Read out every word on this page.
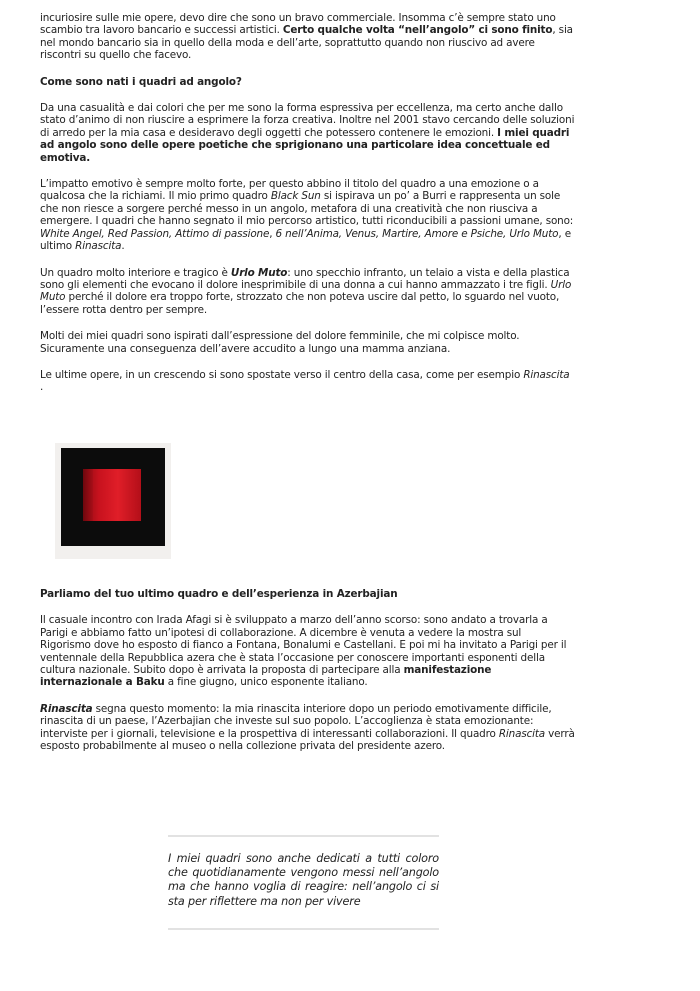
incuriosire sulle mie opere, devo dire che sono un bravo commerciale. Insomma c’è sempre stato uno scambio tra lavoro bancario e successi artistici. Certo qualche volta “nell’angolo” ci sono finito, sia nel mondo bancario sia in quello della moda e dell’arte, soprattutto quando non riuscivo ad avere riscontri su quello che facevo.

Come sono nati i quadri ad angolo?

Da una casualità e dai colori che per me sono la forma espressiva per eccellenza, ma certo anche dallo stato d’animo di non riuscire a esprimere la forza creativa. Inoltre nel 2001 stavo cercando delle soluzioni di arredo per la mia casa e desideravo degli oggetti che potessero contenere le emozioni. I miei quadri ad angolo sono delle opere poetiche che sprigionano una particolare idea concettuale ed emotiva.

L’impatto emotivo è sempre molto forte, per questo abbino il titolo del quadro a una emozione o a qualcosa che la richiami. Il mio primo quadro Black Sun si ispirava un po’ a Burri e rappresenta un sole che non riesce a sorgere perché messo in un angolo, metafora di una creatività che non riusciva a emergere. I quadri che hanno segnato il mio percorso artistico, tutti riconducibili a passioni umane, sono: White Angel, Red Passion, Attimo di passione, 6 nell’Anima, Venus, Martire, Amore e Psiche, Urlo Muto, e ultimo Rinascita.

Un quadro molto interiore e tragico è Urlo Muto: uno specchio infranto, un telaio a vista e della plastica sono gli elementi che evocano il dolore inesprimibile di una donna a cui hanno ammazzato i tre figli. Urlo Muto perché il dolore era troppo forte, strozzato che non poteva uscire dal petto, lo sguardo nel vuoto, l’essere rotta dentro per sempre.

Molti dei miei quadri sono ispirati dall’espressione del dolore femminile, che mi colpisce molto. Sicuramente una conseguenza dell’avere accudito a lungo una mamma anziana.

Le ultime opere, in un crescendo si sono spostate verso il centro della casa, come per esempio Rinascita

.

Parliamo del tuo ultimo quadro e dell’esperienza in Azerbajian

Il casuale incontro con Irada Afagi si è sviluppato a marzo dell’anno scorso: sono andato a trovarla a Parigi e abbiamo fatto un’ipotesi di collaborazione. A dicembre è venuta a vedere la mostra sul Rigorismo dove ho esposto di fianco a Fontana, Bonalumi e Castellani. E poi mi ha invitato a Parigi per il ventennale della Repubblica azera che è stata l’occasione per conoscere importanti esponenti della cultura nazionale. Subito dopo è arrivata la proposta di partecipare alla manifestazione internazionale a Baku a fine giugno, unico esponente italiano.

Rinascita segna questo momento: la mia rinascita interiore dopo un periodo emotivamente difficile, rinascita di un paese, l’Azerbajian che investe sul suo popolo. L’accoglienza è stata emozionante: interviste per i giornali, televisione e la prospettiva di interessanti collaborazioni. Il quadro Rinascita verrà esposto probabilmente al museo o nella collezione privata del presidente azero.

I miei quadri sono anche dedicati a tutti coloro che quotidianamente vengono messi nell’angolo ma che hanno voglia di reagire: nell’angolo ci si sta per riflettere ma non per vivere
